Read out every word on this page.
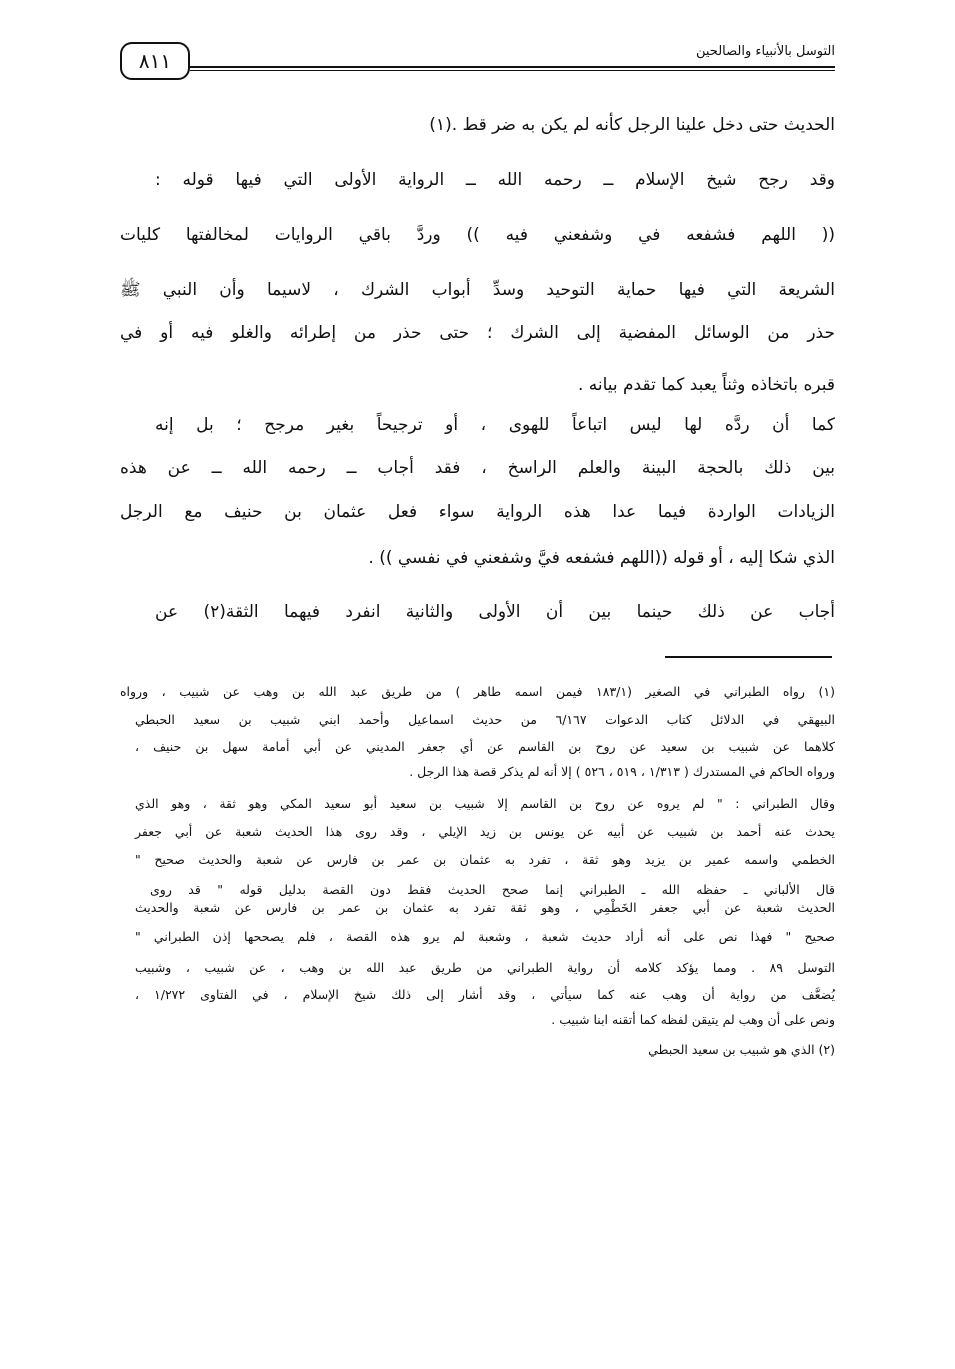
٨١١	التوسل بالأنبياء والصالحين
الحديث حتى دخل علينا الرجل كأنه لم يكن به ضر قط .(١)
وقد رجح شيخ الإسلام ــ رحمه الله ــ الرواية الأولى التي فيها قوله :
(( اللهم فشفعه في وشفعني فيه )) وردَّ باقي الروايات لمخالفتها كليات
الشريعة التي فيها حماية التوحيد وسدِّ أبواب الشرك ، لاسيما وأن النبي ﷺ
حذر من الوسائل المفضية إلى الشرك ؛ حتى حذر من إطرائه والغلو فيه أو في
قبره باتخاذه وثناً يعبد كما تقدم بيانه .
كما أن ردَّه لها ليس اتباعاً للهوى ، أو ترجيحاً بغير مرجح ؛ بل إنه
بين ذلك بالحجة البينة والعلم الراسخ ، فقد أجاب ــ رحمه الله ــ عن هذه
الزيادات الواردة فيما عدا هذه الرواية سواء فعل عثمان بن حنيف مع الرجل
الذي شكا إليه ، أو قوله ((اللهم فشفعه فيَّ وشفعني في نفسي )) .
أجاب عن ذلك حينما بين أن الأولى والثانية انفرد فيهما الثقة(٢) عن
(١) رواه الطبراني في الصغير (١٨٣/١ فيمن اسمه طاهر ) من طريق عبد الله بن وهب عن شبيب ، ورواه
البيهقي في الدلائل كتاب الدعوات ٦/١٦٧ من حديث اسماعيل وأحمد ابني شبيب بن سعيد الحبطي
كلاهما عن شبيب بن سعيد عن روح بن القاسم عن أي جعفر المديني عن أبي أمامة سهل بن حنيف ،
ورواه الحاكم في المستدرك ( ١/٣١٣ ، ٥١٩ ، ٥٢٦ ) إلا أنه لم يذكر قصة هذا الرجل .
وقال الطبراني : " لم يروه عن روح بن القاسم إلا شبيب بن سعيد أبو سعيد المكي وهو ثقة ، وهو الذي
يحدث عنه أحمد بن شبيب عن أبيه عن يونس بن زيد الإيلي ، وقد روى هذا الحديث شعبة عن أبي جعفر
الخطمي واسمه عمير بن يزيد وهو ثقة ، تفرد به عثمان بن عمر بن فارس عن شعبة والحديث صحيح "
قال الألباني ـ حفظه الله ـ الطبراني إنما صحح الحديث فقط دون القصة بدليل قوله " قد روى
الحديث شعبة عن أبي جعفر الخَطْمِي ، وهو ثقة تفرد به عثمان بن عمر بن فارس عن شعبة والحديث
صحيح " فهذا نص على أنه أراد حديث شعبة ، وشعبة لم يرو هذه القصة ، فلم يصححها إذن الطبراني "
التوسل ٨٩ . ومما يؤكد كلامه أن رواية الطبراني من طريق عبد الله بن وهب ، عن شبيب ، وشبيب
يُضعَّف من رواية أن وهب عنه كما سيأتي ، وقد أشار إلى ذلك شيخ الإسلام ، في الفتاوى ١/٢٧٢ ،
ونص على أن وهب لم يتيقن لفظه كما أتقنه ابنا شبيب .
(٢) الذي هو شبيب بن سعيد الحبطي
